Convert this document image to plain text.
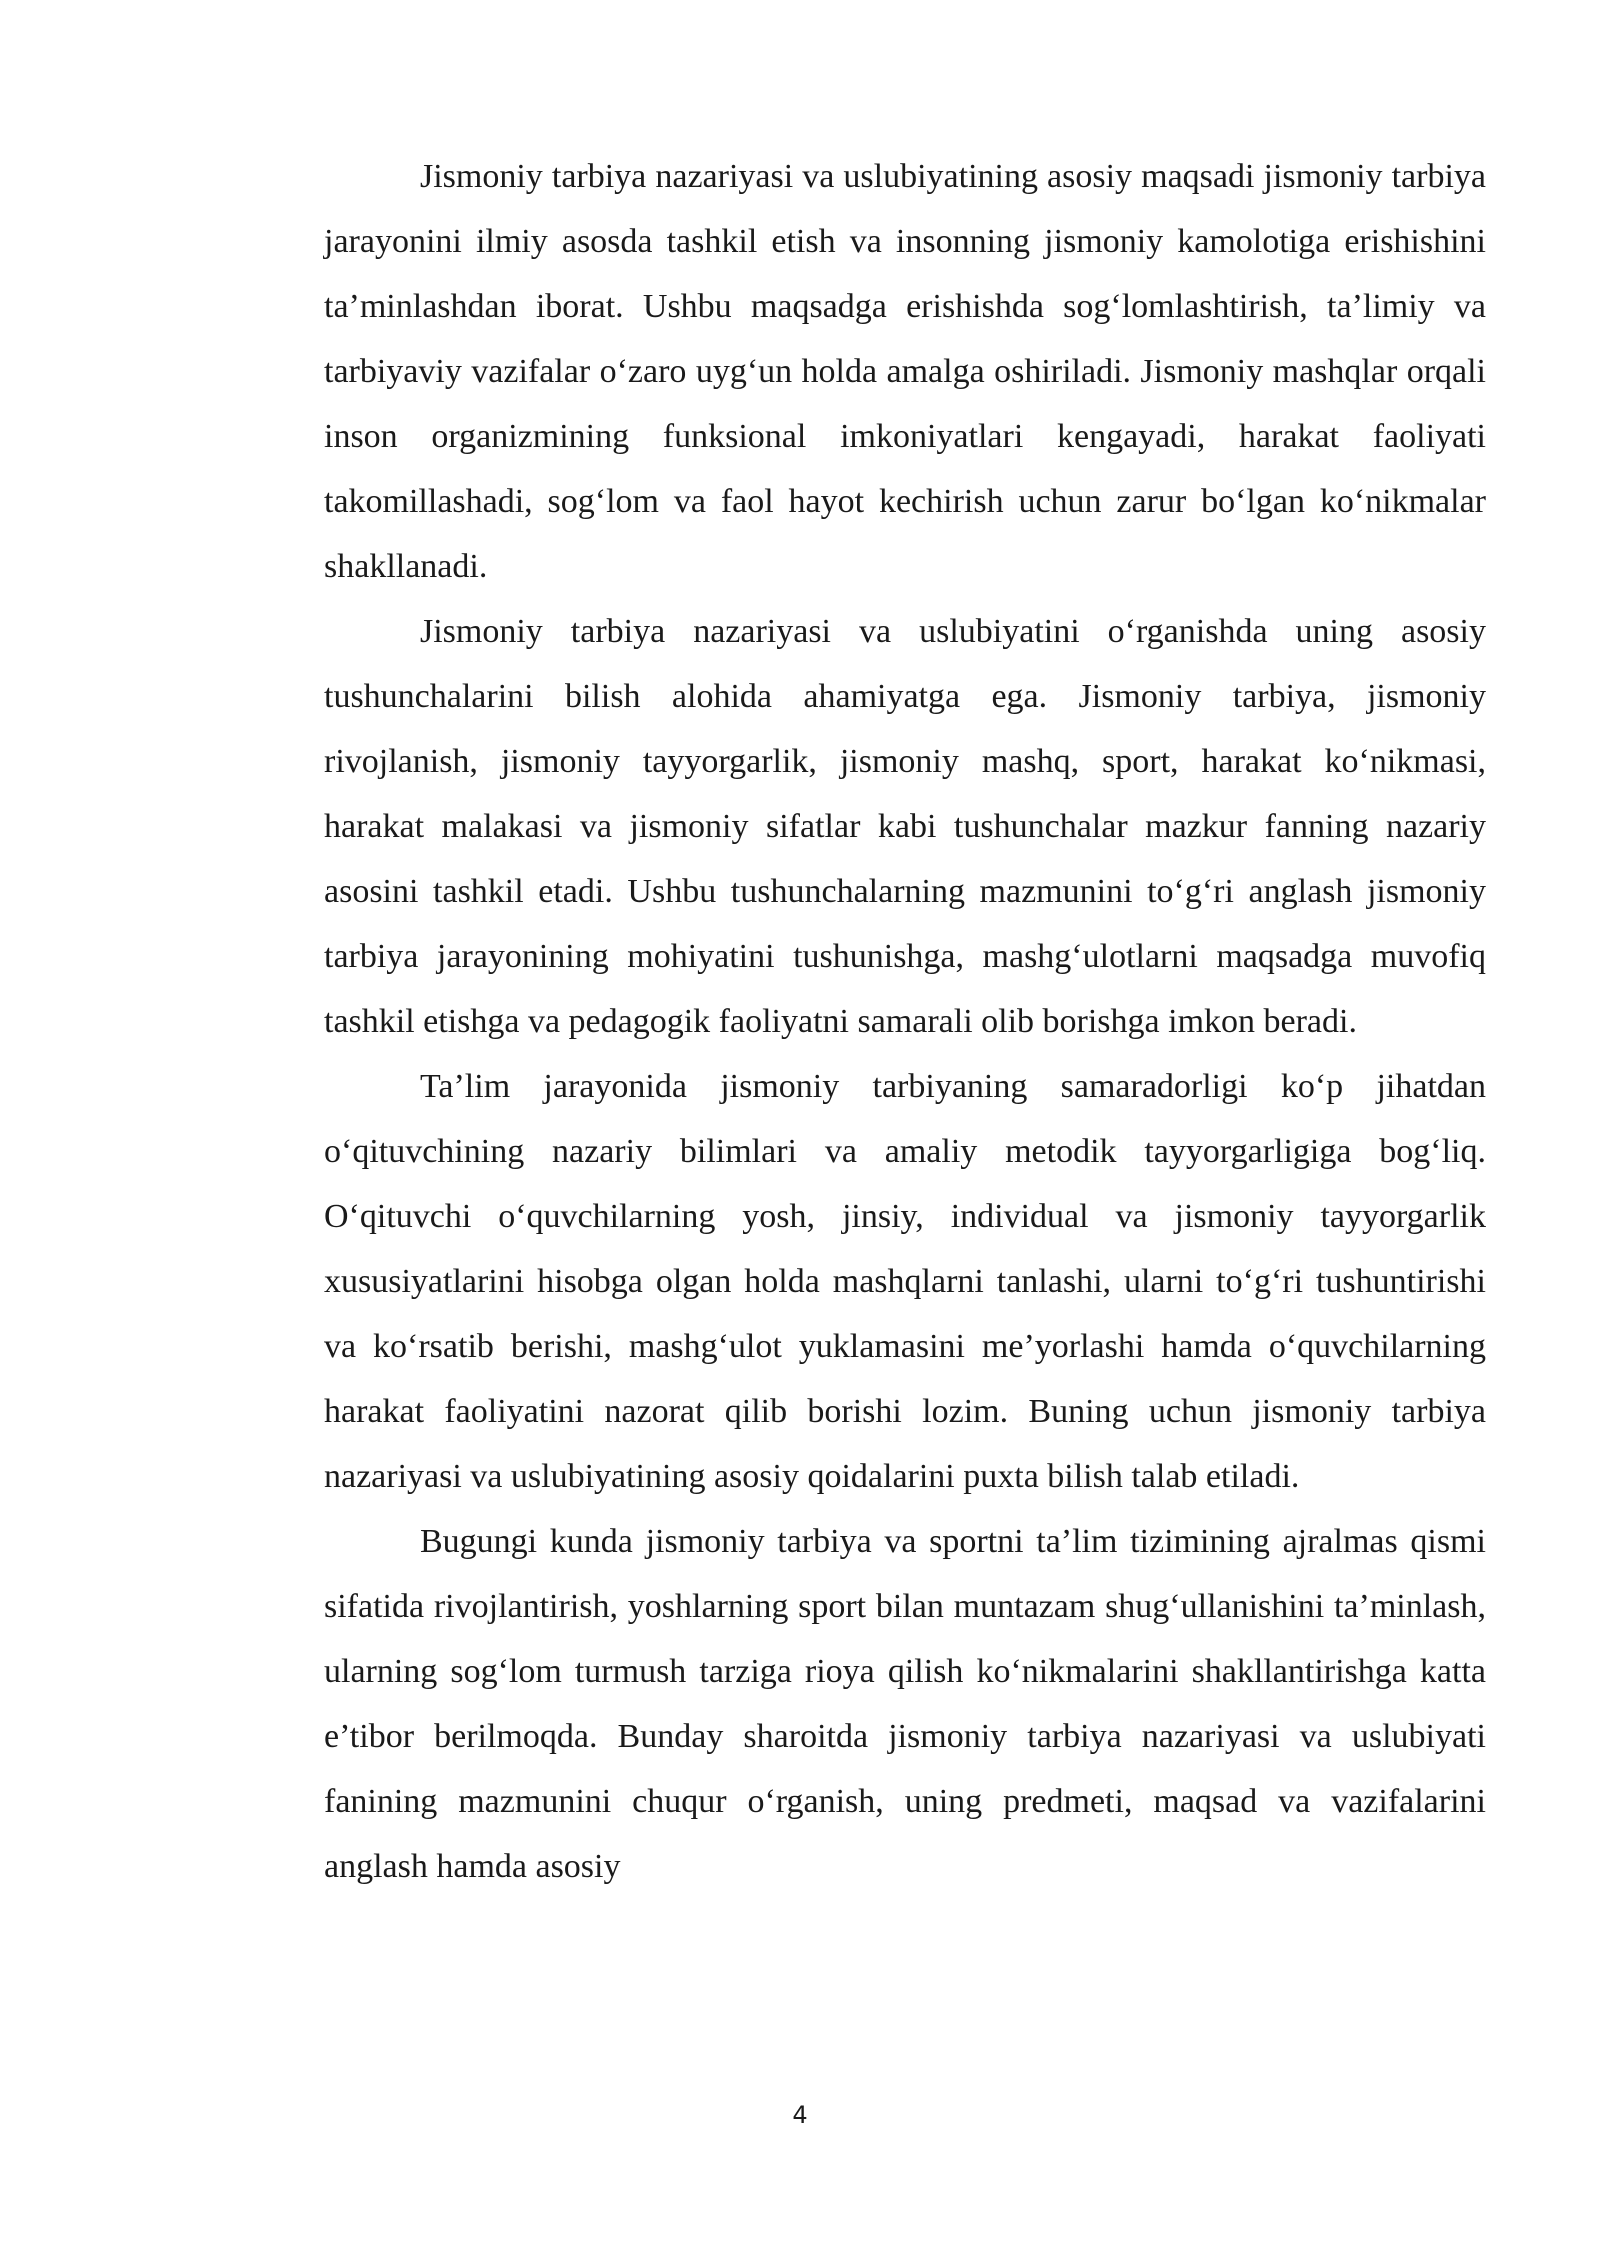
Jismoniy tarbiya nazariyasi va uslubiyatining asosiy maqsadi jismoniy tarbiya jarayonini ilmiy asosda tashkil etish va insonning jismoniy kamolotiga erishishini ta’minlashdan iborat. Ushbu maqsadga erishishda sog‘lomlashtirish, ta’limiy va tarbiyaviy vazifalar o‘zaro uyg‘un holda amalga oshiriladi. Jismoniy mashqlar orqali inson organizmining funksional imkoniyatlari kengayadi, harakat faoliyati takomillashadi, sog‘lom va faol hayot kechirish uchun zarur bo‘lgan ko‘nikmalar shakllanadi.

Jismoniy tarbiya nazariyasi va uslubiyatini o‘rganishda uning asosiy tushunchalarini bilish alohida ahamiyatga ega. Jismoniy tarbiya, jismoniy rivojlanish, jismoniy tayyorgarlik, jismoniy mashq, sport, harakat ko‘nikmasi, harakat malakasi va jismoniy sifatlar kabi tushunchalar mazkur fanning nazariy asosini tashkil etadi. Ushbu tushunchalarning mazmunini to‘g‘ri anglash jismoniy tarbiya jarayonining mohiyatini tushunishga, mashg‘ulotlarni maqsadga muvofiq tashkil etishga va pedagogik faoliyatni samarali olib borishga imkon beradi.

Ta’lim jarayonida jismoniy tarbiyaning samaradorligi ko‘p jihatdan o‘qituvchining nazariy bilimlari va amaliy metodik tayyorgarligiga bog‘liq. O‘qituvchi o‘quvchilarning yosh, jinsiy, individual va jismoniy tayyorgarlik xususiyatlarini hisobga olgan holda mashqlarni tanlashi, ularni to‘g‘ri tushuntirishi va ko‘rsatib berishi, mashg‘ulot yuklamasini me’yorlashi hamda o‘quvchilarning harakat faoliyatini nazorat qilib borishi lozim. Buning uchun jismoniy tarbiya nazariyasi va uslubiyatining asosiy qoidalarini puxta bilish talab etiladi.

Bugungi kunda jismoniy tarbiya va sportni ta’lim tizimining ajralmas qismi sifatida rivojlantirish, yoshlarning sport bilan muntazam shug‘ullanishini ta’minlash, ularning sog‘lom turmush tarziga rioya qilish ko‘nikmalarini shakllantirishga katta e’tibor berilmoqda. Bunday sharoitda jismoniy tarbiya nazariyasi va uslubiyati fanining mazmunini chuqur o‘rganish, uning predmeti, maqsad va vazifalarini anglash hamda asosiy

4
